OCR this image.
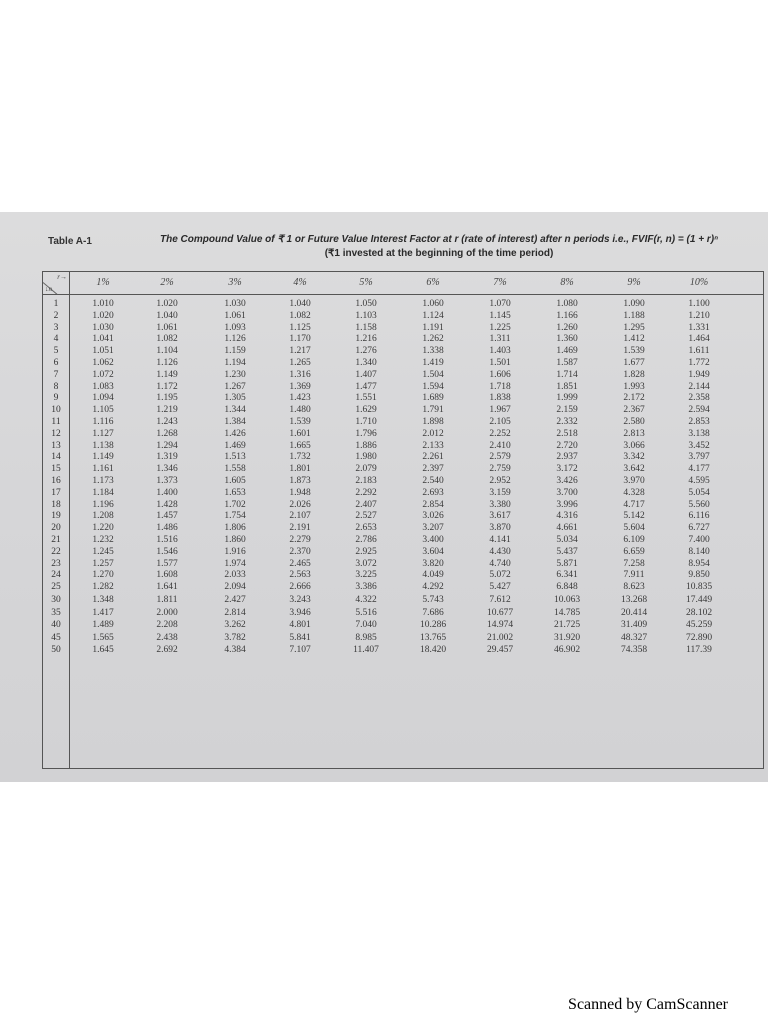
Table A-1	The Compound Value of ₹ 1 or Future Value Interest Factor at r (rate of interest) after n periods i.e., FVIF(r, n) = (1 + r)ⁿ
(₹1 invested at the beginning of the time period)
r→
↓n
1%	2%	3%	4%	5%	6%	7%	8%	9%	10%
1	1.010	1.020	1.030	1.040	1.050	1.060	1.070	1.080	1.090	1.100
2	1.020	1.040	1.061	1.082	1.103	1.124	1.145	1.166	1.188	1.210
3	1.030	1.061	1.093	1.125	1.158	1.191	1.225	1.260	1.295	1.331
4	1.041	1.082	1.126	1.170	1.216	1.262	1.311	1.360	1.412	1.464
5	1.051	1.104	1.159	1.217	1.276	1.338	1.403	1.469	1.539	1.611
6	1.062	1.126	1.194	1.265	1.340	1.419	1.501	1.587	1.677	1.772
7	1.072	1.149	1.230	1.316	1.407	1.504	1.606	1.714	1.828	1.949
8	1.083	1.172	1.267	1.369	1.477	1.594	1.718	1.851	1.993	2.144
9	1.094	1.195	1.305	1.423	1.551	1.689	1.838	1.999	2.172	2.358
10	1.105	1.219	1.344	1.480	1.629	1.791	1.967	2.159	2.367	2.594
11	1.116	1.243	1.384	1.539	1.710	1.898	2.105	2.332	2.580	2.853
12	1.127	1.268	1.426	1.601	1.796	2.012	2.252	2.518	2.813	3.138
13	1.138	1.294	1.469	1.665	1.886	2.133	2.410	2.720	3.066	3.452
14	1.149	1.319	1.513	1.732	1.980	2.261	2.579	2.937	3.342	3.797
15	1.161	1.346	1.558	1.801	2.079	2.397	2.759	3.172	3.642	4.177
16	1.173	1.373	1.605	1.873	2.183	2.540	2.952	3.426	3.970	4.595
17	1.184	1.400	1.653	1.948	2.292	2.693	3.159	3.700	4.328	5.054
18	1.196	1.428	1.702	2.026	2.407	2.854	3.380	3.996	4.717	5.560
19	1.208	1.457	1.754	2.107	2.527	3.026	3.617	4.316	5.142	6.116
20	1.220	1.486	1.806	2.191	2.653	3.207	3.870	4.661	5.604	6.727
21	1.232	1.516	1.860	2.279	2.786	3.400	4.141	5.034	6.109	7.400
22	1.245	1.546	1.916	2.370	2.925	3.604	4.430	5.437	6.659	8.140
23	1.257	1.577	1.974	2.465	3.072	3.820	4.740	5.871	7.258	8.954
24	1.270	1.608	2.033	2.563	3.225	4.049	5.072	6.341	7.911	9.850
25	1.282	1.641	2.094	2.666	3.386	4.292	5.427	6.848	8.623	10.835
30	1.348	1.811	2.427	3.243	4.322	5.743	7.612	10.063	13.268	17.449
35	1.417	2.000	2.814	3.946	5.516	7.686	10.677	14.785	20.414	28.102
40	1.489	2.208	3.262	4.801	7.040	10.286	14.974	21.725	31.409	45.259
45	1.565	2.438	3.782	5.841	8.985	13.765	21.002	31.920	48.327	72.890
50	1.645	2.692	4.384	7.107	11.407	18.420	29.457	46.902	74.358	117.39
Scanned by CamScanner
